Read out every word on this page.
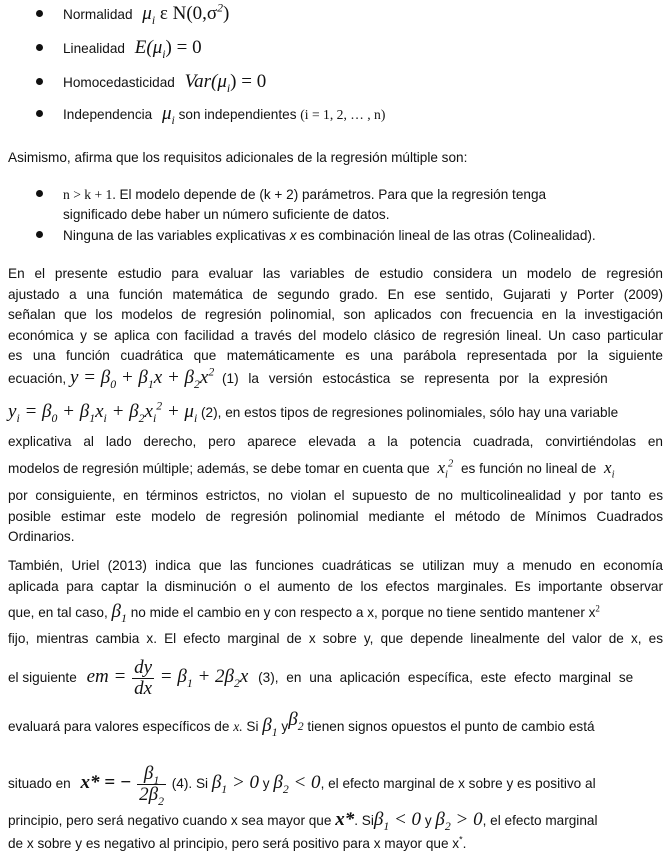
Normalidad $\mu_i$ ε $N(0,\sigma^2)$
Linealidad $E(\mu_i) = 0$
Homocedasticidad $Var(\mu_i) = 0$
Independencia $\mu_i$ son independientes (i = 1, 2, … , n)
Asimismo, afirma que los requisitos adicionales de la regresión múltiple son:
n > k + 1. El modelo depende de (k + 2) parámetros. Para que la regresión tenga
significado debe haber un número suficiente de datos.
Ninguna de las variables explicativas x es combinación lineal de las otras (Colinealidad).
En el presente estudio para evaluar las variables de estudio considera un modelo de regresión
ajustado a una función matemática de segundo grado. En ese sentido, Gujarati y Porter (2009)
señalan que los modelos de regresión polinomial, son aplicados con frecuencia en la investigación
económica y se aplica con facilidad a través del modelo clásico de regresión lineal. Un caso particular
es una función cuadrática que matemáticamente es una parábola representada por la siguiente
ecuación, $y = \beta_0 + \beta_1x + \beta_2x^2$ (1) la versión estocástica se representa por la expresión
$y_i = \beta_0 + \beta_1x_i + \beta_2x_i^2 + \mu_i$ (2), en estos tipos de regresiones polinomiales, sólo hay una variable
explicativa al lado derecho, pero aparece elevada a la potencia cuadrada, convirtiéndolas en
modelos de regresión múltiple; además, se debe tomar en cuenta que $x_i^2$ es función no lineal de $x_i$
por consiguiente, en términos estrictos, no violan el supuesto de no multicolinealidad y por tanto es
posible estimar este modelo de regresión polinomial mediante el método de Mínimos Cuadrados
Ordinarios.
También, Uriel (2013) indica que las funciones cuadráticas se utilizan muy a menudo en economía
aplicada para captar la disminución o el aumento de los efectos marginales. Es importante observar
que, en tal caso, $\beta_1$ no mide el cambio en y con respecto a x, porque no tiene sentido mantener $x^2$
fijo, mientras cambia x. El efecto marginal de x sobre y, que depende linealmente del valor de x, es
el siguiente em = $\frac{dy}{dx} = \beta_1 + 2\beta_2x$ (3), en una aplicación específica, este efecto marginal se
evaluará para valores específicos de x. Si $\beta_1$ $y\beta_2$ tienen signos opuestos el punto de cambio está
situado en x* = − $\frac{\beta_1}{2\beta_2} (4)$. Si $\beta_1 > 0$ y $\beta_2 < 0$, el efecto marginal de x sobre y es positivo al
principio, pero será negativo cuando x sea mayor que x*. Siβ$_1$ < 0 y $\beta_2 > 0$, el efecto marginal
de x sobre y es negativo al principio, pero será positivo para x mayor que x*.
